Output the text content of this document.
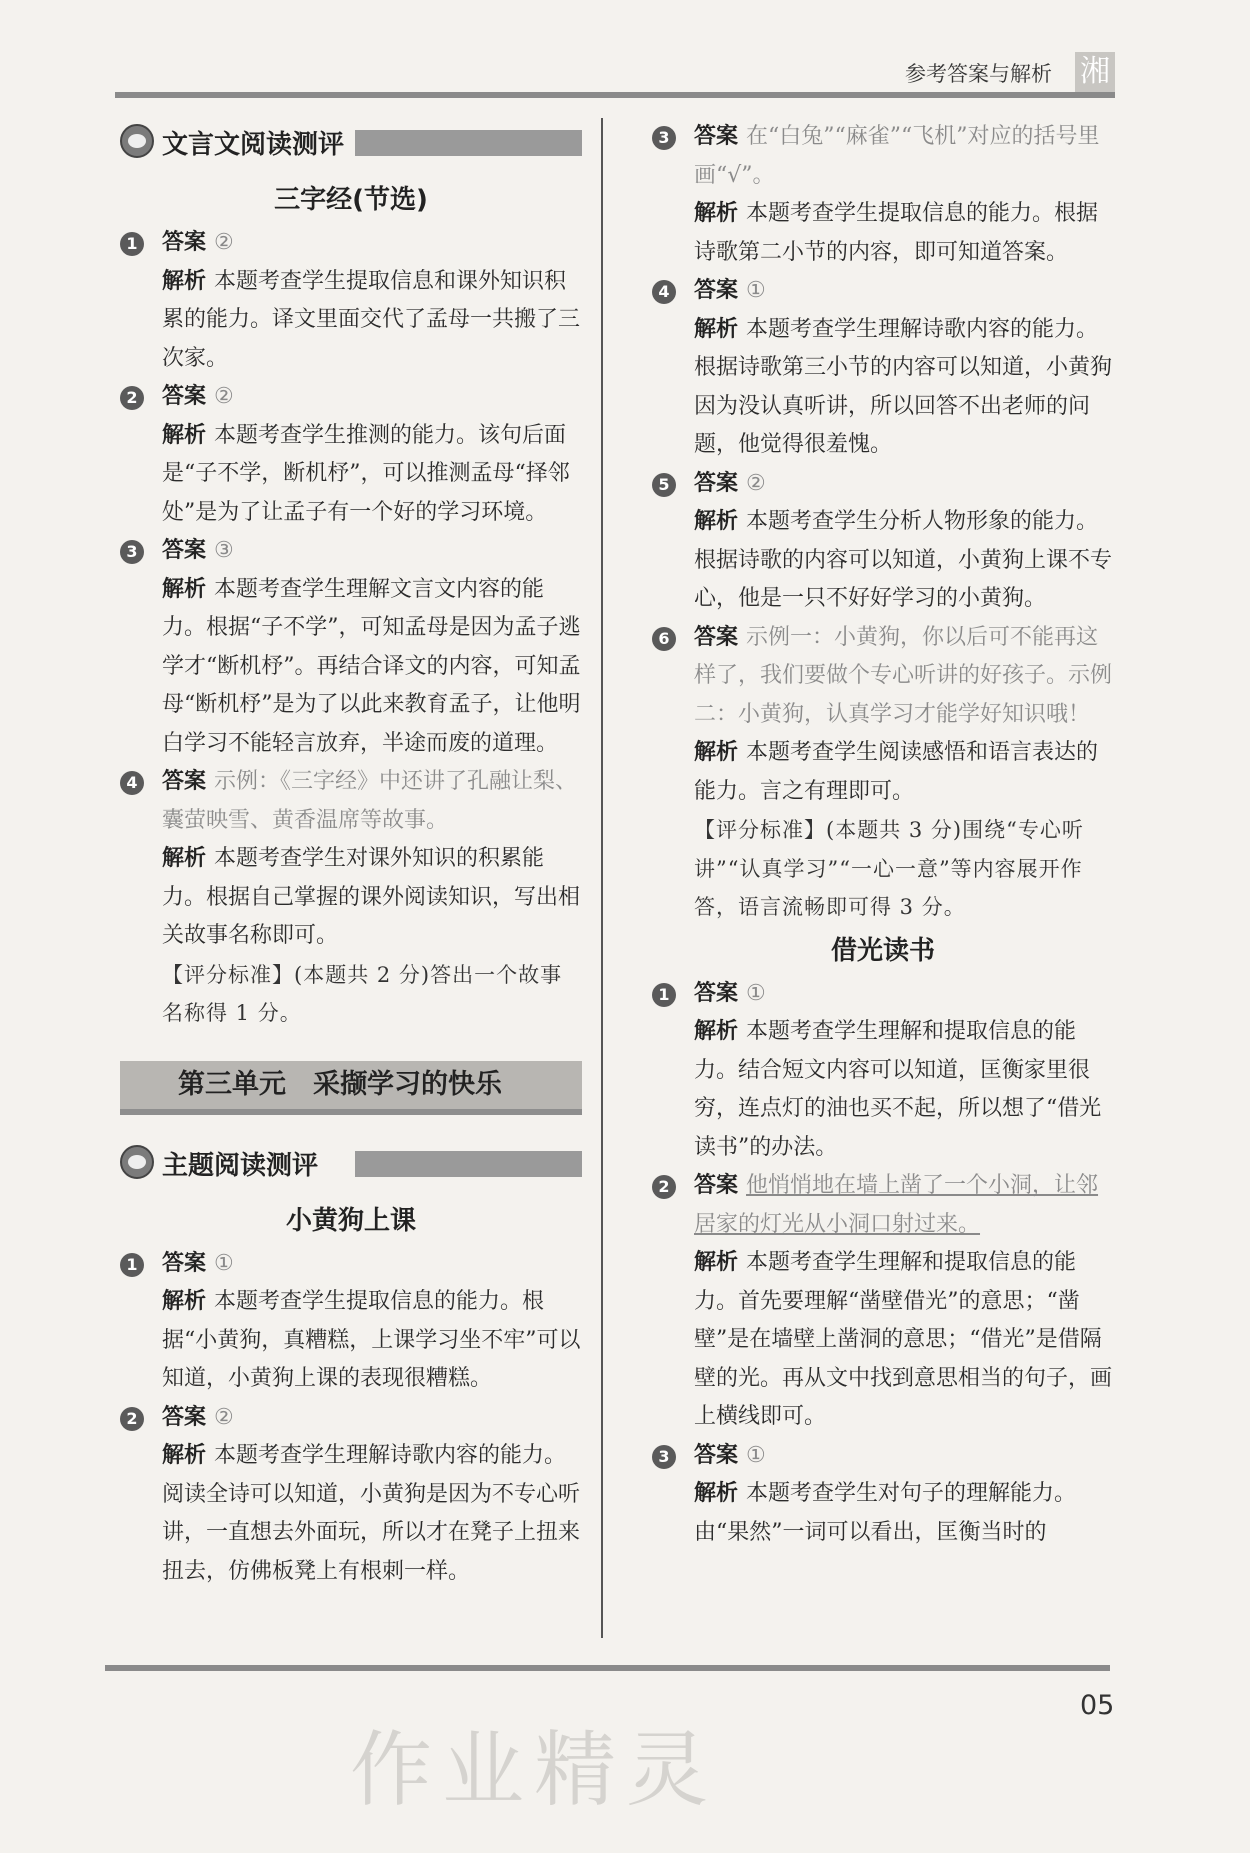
参考答案与解析 湘
文言文阅读测评
三字经(节选)
1 答案 ②

解析 本题考查学生提取信息和课外知识积累的能力。译文里面交代了孟母一共搬了三次家。

2 答案 ②

解析 本题考查学生推测的能力。该句后面是“子不学，断机杼”，可以推测孟母“择邻处”是为了让孟子有一个好的学习环境。

3 答案 ③

解析 本题考查学生理解文言文内容的能力。根据“子不学”，可知孟母是因为孟子逃学才“断机杼”。再结合译文的内容，可知孟母“断机杼”是为了以此来教育孟子，让他明白学习不能轻言放弃，半途而废的道理。

4 答案 示例：《三字经》中还讲了孔融让梨、囊萤映雪、黄香温席等故事。

解析 本题考查学生对课外知识的积累能力。根据自己掌握的课外阅读知识，写出相关故事名称即可。

【评分标准】(本题共 2 分)答出一个故事名称得 1 分。

第三单元　采撷学习的快乐
主题阅读测评
小黄狗上课
1 答案 ①

解析 本题考查学生提取信息的能力。根据“小黄狗，真糟糕，上课学习坐不牢”可以知道，小黄狗上课的表现很糟糕。

2 答案 ②

解析 本题考查学生理解诗歌内容的能力。阅读全诗可以知道，小黄狗是因为不专心听讲，一直想去外面玩，所以才在凳子上扭来扭去，仿佛板凳上有根刺一样。

3 答案 在“白兔”“麻雀”“飞机”对应的括号里画“√”。

解析 本题考查学生提取信息的能力。根据诗歌第二小节的内容，即可知道答案。

4 答案 ①

解析 本题考查学生理解诗歌内容的能力。根据诗歌第三小节的内容可以知道，小黄狗因为没认真听讲，所以回答不出老师的问题，他觉得很羞愧。

5 答案 ②

解析 本题考查学生分析人物形象的能力。根据诗歌的内容可以知道，小黄狗上课不专心，他是一只不好好学习的小黄狗。

6 答案 示例一：小黄狗，你以后可不能再这样了，我们要做个专心听讲的好孩子。示例二：小黄狗，认真学习才能学好知识哦！

解析 本题考查学生阅读感悟和语言表达的能力。言之有理即可。

【评分标准】(本题共 3 分)围绕“专心听讲”“认真学习”“一心一意”等内容展开作答，语言流畅即可得 3 分。

借光读书
1 答案 ①

解析 本题考查学生理解和提取信息的能力。结合短文内容可以知道，匡衡家里很穷，连点灯的油也买不起，所以想了“借光读书”的办法。

2 答案 他悄悄地在墙上凿了一个小洞，让邻居家的灯光从小洞口射过来。

解析 本题考查学生理解和提取信息的能力。首先要理解“凿壁借光”的意思；“凿壁”是在墙壁上凿洞的意思；“借光”是借隔壁的光。再从文中找到意思相当的句子，画上横线即可。

3 答案 ①

解析 本题考查学生对句子的理解能力。由“果然”一词可以看出，匡衡当时的

05
作业精灵
